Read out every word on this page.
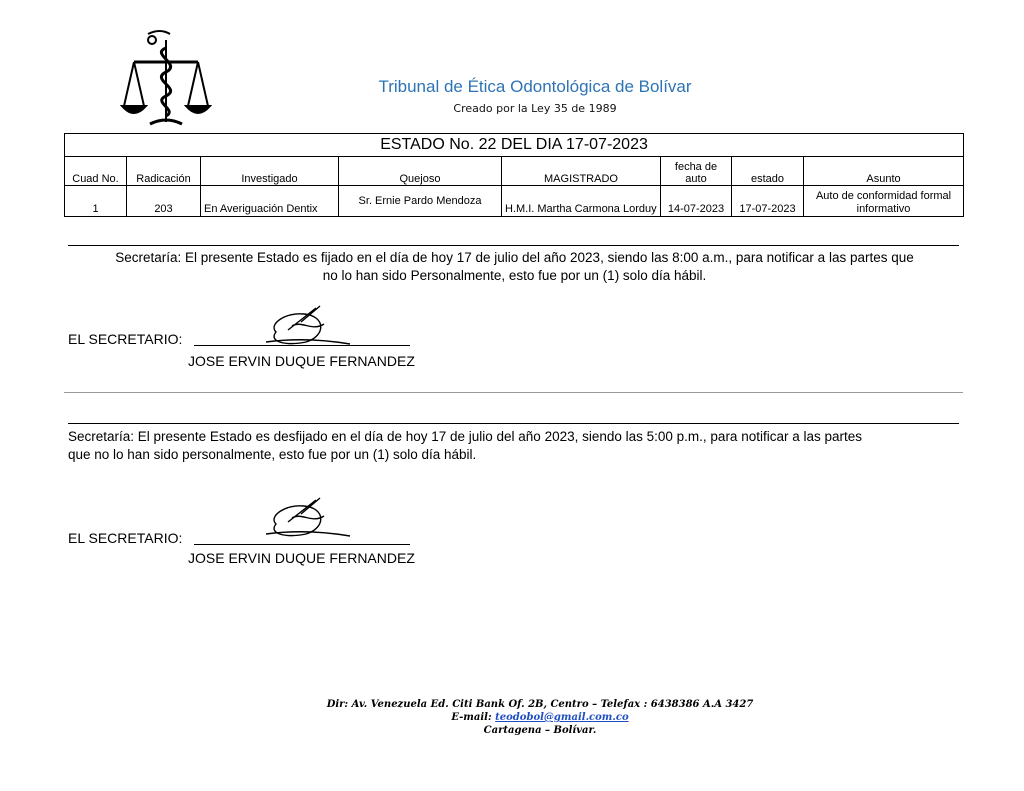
Tribunal de Ética Odontológica de Bolívar
Creado por la Ley 35 de 1989
ESTADO No. 22 DEL DIA 17-07-2023							
Cuad No.	Radicación	Investigado	Quejoso	MAGISTRADO	fecha de auto	estado	Asunto
1	203	En Averiguación Dentix	Sr. Ernie Pardo Mendoza	H.M.I. Martha Carmona Lorduy	14-07-2023	17-07-2023	Auto de conformidad formal informativo
Secretaría: El presente Estado es fijado en el día de hoy 17 de julio del año 2023, siendo las 8:00 a.m., para notificar a las partes que
no lo han sido Personalmente, esto fue por un (1) solo día hábil.
EL SECRETARIO:
JOSE ERVIN DUQUE FERNANDEZ
Secretaría: El presente Estado es desfijado en el día de hoy 17 de julio del año 2023, siendo las 5:00 p.m., para notificar a las partes
que no lo han sido personalmente, esto fue por un (1) solo día hábil.
EL SECRETARIO:
JOSE ERVIN DUQUE FERNANDEZ
Dir: Av. Venezuela Ed. Citi Bank Of. 2B, Centro – Telefax : 6438386 A.A 3427
E-mail: teodobol@gmail.com.co
Cartagena – Bolívar.
